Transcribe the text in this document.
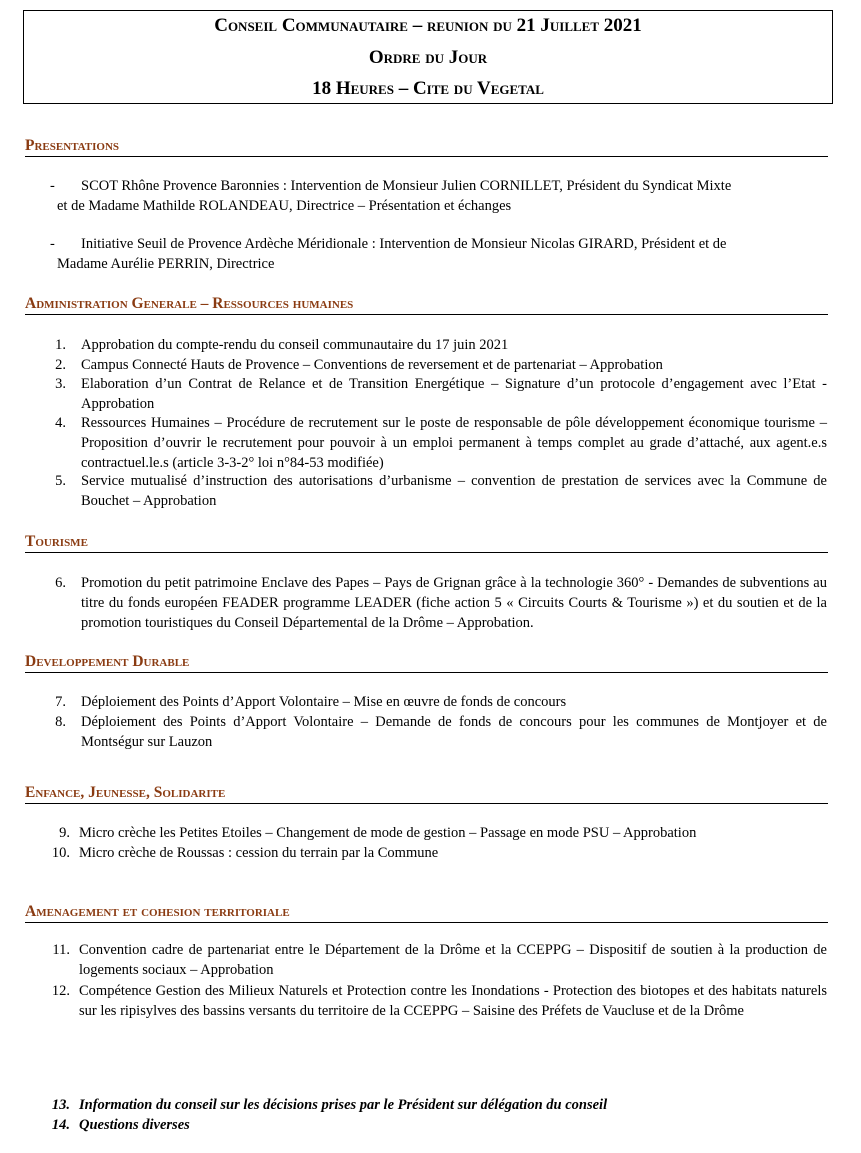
Conseil Communautaire – reunion du 21 Juillet 2021
Ordre du Jour
18 Heures – Cite du Vegetal
Presentations
-	SCOT Rhône Provence Baronnies : Intervention de Monsieur Julien CORNILLET, Président du Syndicat Mixte
et de Madame Mathilde ROLANDEAU, Directrice – Présentation et échanges
-	Initiative Seuil de Provence Ardèche Méridionale : Intervention de Monsieur Nicolas GIRARD, Président et de
Madame Aurélie PERRIN, Directrice
Administration Generale – Ressources humaines
1. Approbation du compte-rendu du conseil communautaire du 17 juin 2021
2. Campus Connecté Hauts de Provence – Conventions de reversement et de partenariat – Approbation
3. Elaboration d’un Contrat de Relance et de Transition Energétique – Signature d’un protocole d’engagement avec l’Etat - Approbation
4. Ressources Humaines – Procédure de recrutement sur le poste de responsable de pôle développement économique tourisme – Proposition d’ouvrir le recrutement pour pouvoir à un emploi permanent à temps complet au grade d’attaché, aux agent.e.s contractuel.le.s (article 3-3-2° loi n°84-53 modifiée)
5. Service mutualisé d’instruction des autorisations d’urbanisme – convention de prestation de services avec la Commune de Bouchet – Approbation
Tourisme
6. Promotion du petit patrimoine Enclave des Papes – Pays de Grignan grâce à la technologie 360° - Demandes de subventions au titre du fonds européen FEADER programme LEADER (fiche action 5 « Circuits Courts & Tourisme ») et du soutien et de la promotion touristiques du Conseil Départemental de la Drôme – Approbation.
Developpement Durable
7. Déploiement des Points d’Apport Volontaire – Mise en œuvre de fonds de concours
8. Déploiement des Points d’Apport Volontaire – Demande de fonds de concours pour les communes de Montjoyer et de Montségur sur Lauzon
Enfance, Jeunesse, Solidarite
9. Micro crèche les Petites Etoiles – Changement de mode de gestion – Passage en mode PSU – Approbation
10. Micro crèche de Roussas : cession du terrain par la Commune
Amenagement et cohesion territoriale
11. Convention cadre de partenariat entre le Département de la Drôme et la CCEPPG – Dispositif de soutien à la production de logements sociaux – Approbation
12. Compétence Gestion des Milieux Naturels et Protection contre les Inondations - Protection des biotopes et des habitats naturels sur les ripisylves des bassins versants du territoire de la CCEPPG – Saisine des Préfets de Vaucluse et de la Drôme
13. Information du conseil sur les décisions prises par le Président sur délégation du conseil
14. Questions diverses
